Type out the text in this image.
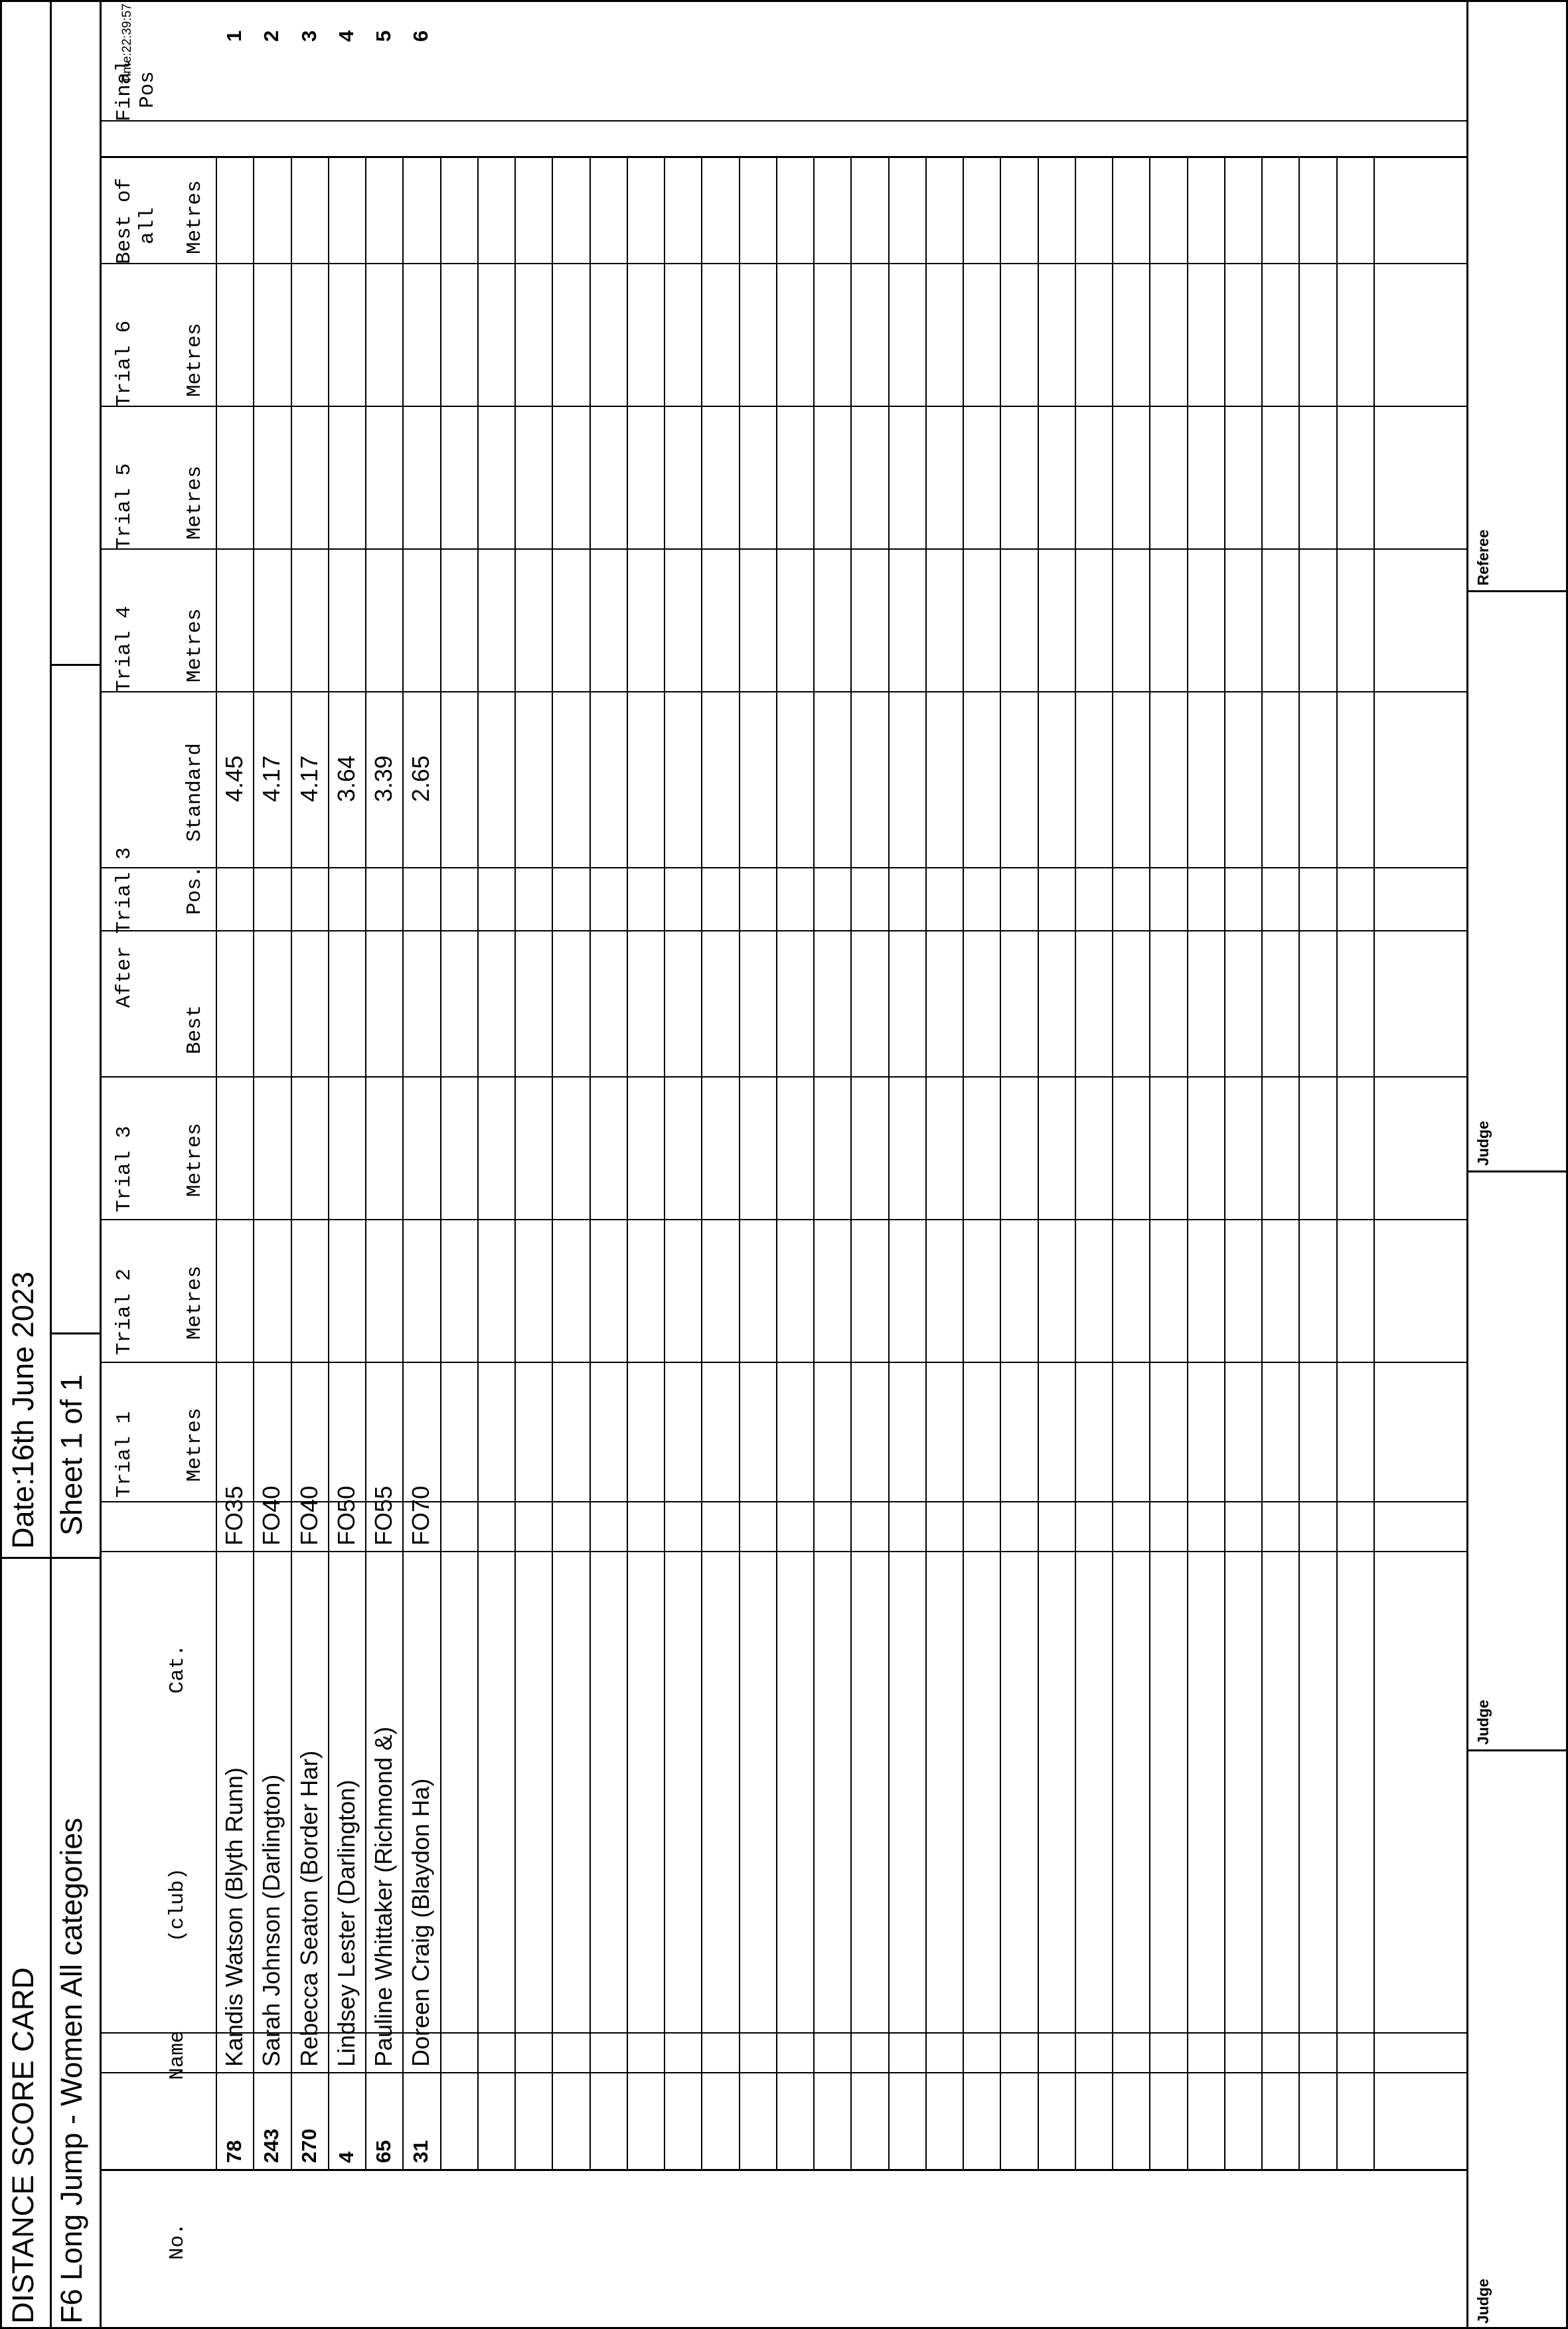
DISTANCE SCORE CARD
Date:16th June 2023
F6 Long Jump - Women All categories
Sheet 1 of 1
No.
Name
(club)
Cat.
Trial 1 Metres
Trial 2 Metres
Trial 3 Metres
After Trial 3
Best
Pos.
Standard
Trial 4 Metres
Trial 5 Metres
Trial 6 Metres
Best of all Metres
Final Pos
Time:22:39:57	1
78
Kandis Watson (Blyth Runn)
FO35
4.45
2
243
Sarah Johnson (Darlington)
FO40
4.17
3
270
Rebecca Seaton (Border Har)
FO40
4.17
4
4
Lindsey Lester (Darlington)
FO50
3.64
5
65
Pauline Whittaker (Richmond &)
FO55
3.39
6
31
Doreen Craig (Blaydon Ha)
FO70
2.65
Judge
Judge
Judge
Referee
